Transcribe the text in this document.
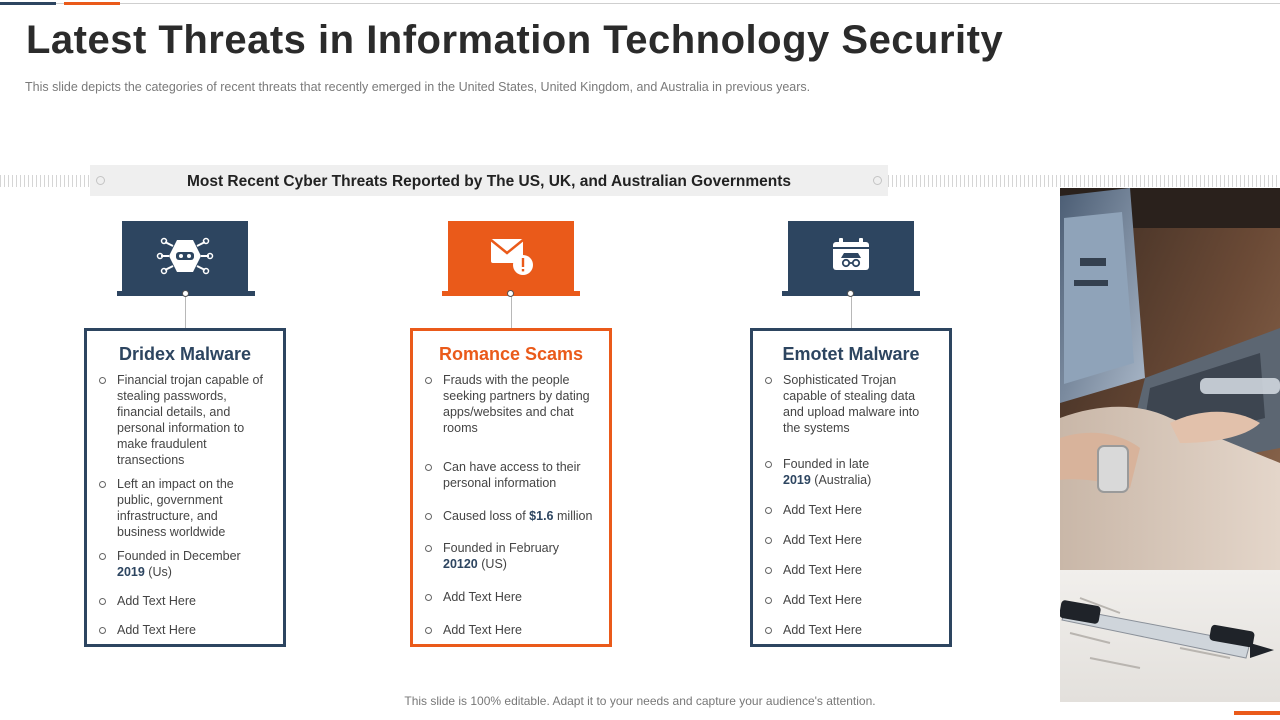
Latest Threats in Information Technology Security
This slide depicts the categories of recent threats that recently emerged in the United States, United Kingdom, and Australia in previous years.
Most Recent Cyber Threats Reported by The US, UK, and Australian Governments
Dridex Malware
Financial trojan capable of stealing passwords, financial details, and personal information to make fraudulent transections
Left an impact on the public, government infrastructure, and business worldwide
Founded in December 2019 (Us)
Add Text Here
Add Text Here
Romance Scams
Frauds with the people seeking partners by dating apps/websites and chat rooms
Can have access to their personal information
Caused loss of $1.6 million
Founded in February 20120 (US)
Add Text Here
Add Text Here
Emotet Malware
Sophisticated Trojan capable of stealing data and upload malware into the systems
Founded in late
2019 (Australia)
Add Text Here
Add Text Here
Add Text Here
Add Text Here
Add Text Here
This slide is 100% editable. Adapt it to your needs and capture your audience's attention.
